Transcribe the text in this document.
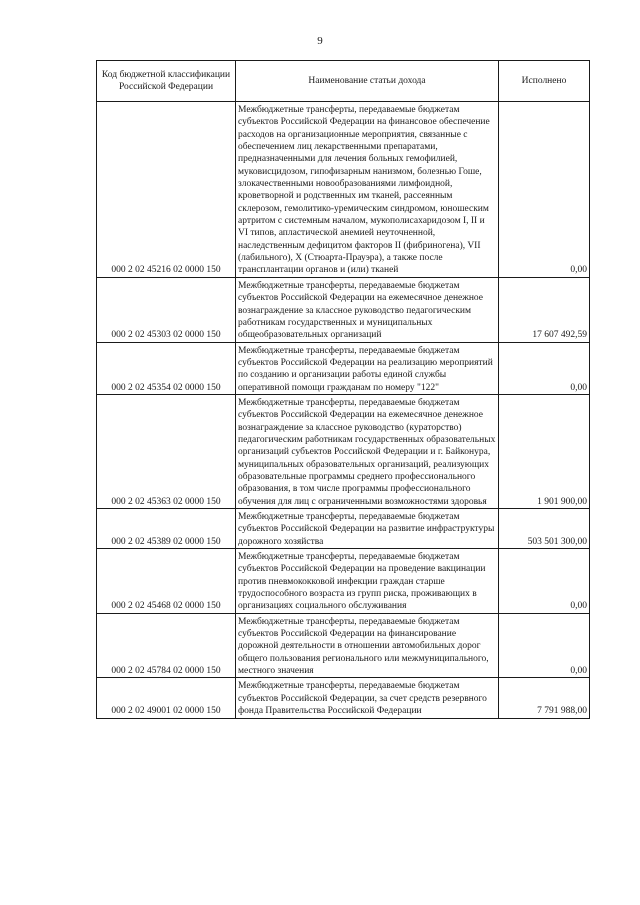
9
Код бюджетной классификации Российской Федерации	Наименование статьи дохода	Исполнено
000 2 02 45216 02 0000 150	Межбюджетные трансферты, передаваемые бюджетам субъектов Российской Федерации на финансовое обеспечение расходов на организационные мероприятия, связанные с обеспечением лиц лекарственными препаратами, предназначенными для лечения больных гемофилией, муковисцидозом, гипофизарным нанизмом, болезнью Гоше, злокачественными новообразованиями лимфоидной, кроветворной и родственных им тканей, рассеянным склерозом, гемолитико-уремическим синдромом, юношеским артритом с системным началом, мукополисахаридозом I, II и VI типов, апластической анемией неуточненной, наследственным дефицитом факторов II (фибриногена), VII (лабильного), X (Стюарта-Прауэра), а также после трансплантации органов и (или) тканей	0,00
000 2 02 45303 02 0000 150	Межбюджетные трансферты, передаваемые бюджетам субъектов Российской Федерации на ежемесячное денежное вознаграждение за классное руководство педагогическим работникам государственных и муниципальных общеобразовательных организаций	17 607 492,59
000 2 02 45354 02 0000 150	Межбюджетные трансферты, передаваемые бюджетам субъектов Российской Федерации на реализацию мероприятий по созданию и организации работы единой службы оперативной помощи гражданам по номеру "122"	0,00
000 2 02 45363 02 0000 150	Межбюджетные трансферты, передаваемые бюджетам субъектов Российской Федерации на ежемесячное денежное вознаграждение за классное руководство (кураторство) педагогическим работникам государственных образовательных организаций субъектов Российской Федерации и г. Байконура, муниципальных образовательных организаций, реализующих образовательные программы среднего профессионального образования, в том числе программы профессионального обучения для лиц с ограниченными возможностями здоровья	1 901 900,00
000 2 02 45389 02 0000 150	Межбюджетные трансферты, передаваемые бюджетам субъектов Российской Федерации на развитие инфраструктуры дорожного хозяйства	503 501 300,00
000 2 02 45468 02 0000 150	Межбюджетные трансферты, передаваемые бюджетам субъектов Российской Федерации на проведение вакцинации против пневмококковой инфекции граждан старше трудоспособного возраста из групп риска, проживающих в организациях социального обслуживания	0,00
000 2 02 45784 02 0000 150	Межбюджетные трансферты, передаваемые бюджетам субъектов Российской Федерации на финансирование дорожной деятельности в отношении автомобильных дорог общего пользования регионального или межмуниципального, местного значения	0,00
000 2 02 49001 02 0000 150	Межбюджетные трансферты, передаваемые бюджетам субъектов Российской Федерации, за счет средств резервного фонда Правительства Российской Федерации	7 791 988,00
